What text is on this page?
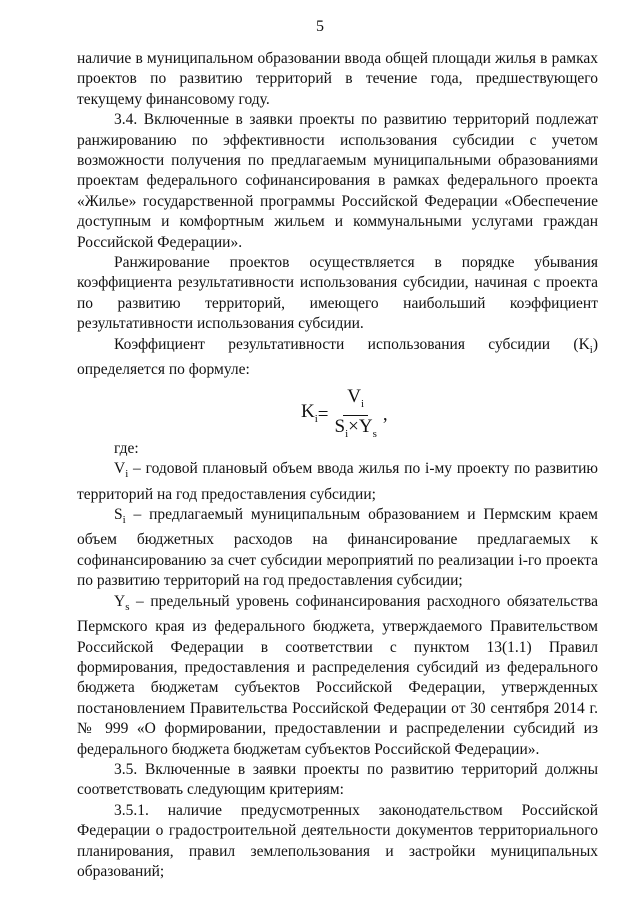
5

наличие в муниципальном образовании ввода общей площади жилья в рамках проектов по развитию территорий в течение года, предшествующего текущему финансовому году.

3.4. Включенные в заявки проекты по развитию территорий подлежат ранжированию по эффективности использования субсидии с учетом возможности получения по предлагаемым муниципальными образованиями проектам федерального софинансирования в рамках федерального проекта «Жилье» государственной программы Российской Федерации «Обеспечение доступным и комфортным жильем и коммунальными услугами граждан Российской Федерации».

Ранжирование проектов осуществляется в порядке убывания коэффициента результативности использования субсидии, начиная с проекта по развитию территорий, имеющего наибольший коэффициент результативности использования субсидии.

Коэффициент результативности использования субсидии $(K_i)$ определяется по формуле:

$K_i = \frac{V_i}{S_i\times Y_s}$ ,

где:

$V_i$ – годовой плановый объем ввода жилья по i-му проекту по развитию территорий на год предоставления субсидии;

$S_i$ – предлагаемый муниципальным образованием и Пермским краем объем бюджетных расходов на финансирование предлагаемых к софинансированию за счет субсидии мероприятий по реализации i-го проекта по развитию территорий на год предоставления субсидии;

$Y_s$ – предельный уровень софинансирования расходного обязательства Пермского края из федерального бюджета, утверждаемого Правительством Российской Федерации в соответствии с пунктом 13(1.1) Правил формирования, предоставления и распределения субсидий из федерального бюджета бюджетам субъектов Российской Федерации, утвержденных постановлением Правительства Российской Федерации от 30 сентября 2014 г. № 999 «О формировании, предоставлении и распределении субсидий из федерального бюджета бюджетам субъектов Российской Федерации».

3.5. Включенные в заявки проекты по развитию территорий должны соответствовать следующим критериям:

3.5.1. наличие предусмотренных законодательством Российской Федерации о градостроительной деятельности документов территориального планирования, правил землепользования и застройки муниципальных образований;
